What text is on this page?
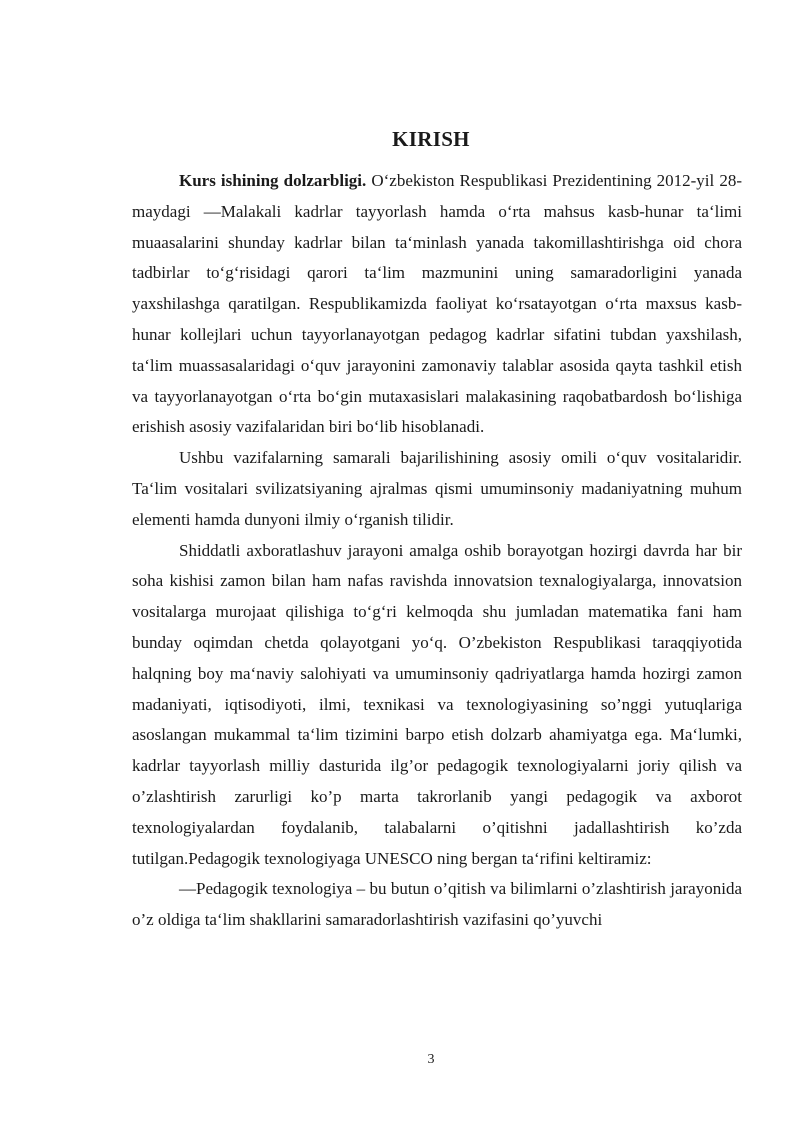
KIRISH

Kurs ishining dolzarbligi. O‘zbekiston Respublikasi Prezidentining 2012-yil 28-maydagi ―Malakali kadrlar tayyorlash hamda o‘rta mahsus kasb-hunar ta‘limi muaasalarini shunday kadrlar bilan ta‘minlash yanada takomillashtirishga oid chora tadbirlar to‘g‘risidagi qarori ta‘lim mazmunini uning samaradorligini yanada yaxshilashga qaratilgan. Respublikamizda faoliyat ko‘rsatayotgan o‘rta maxsus kasb-hunar kollejlari uchun tayyorlanayotgan pedagog kadrlar sifatini tubdan yaxshilash, ta‘lim muassasalaridagi o‘quv jarayonini zamonaviy talablar asosida qayta tashkil etish va tayyorlanayotgan o‘rta bo‘gin mutaxasislari malakasining raqobatbardosh bo‘lishiga erishish asosiy vazifalaridan biri bo‘lib hisoblanadi.

Ushbu vazifalarning samarali bajarilishining asosiy omili o‘quv vositalaridir. Ta‘lim vositalari svilizatsiyaning ajralmas qismi umuminsoniy madaniyatning muhum elementi hamda dunyoni ilmiy o‘rganish tilidir.

Shiddatli axboratlashuv jarayoni amalga oshib borayotgan hozirgi davrda har bir soha kishisi zamon bilan ham nafas ravishda innovatsion texnalogiyalarga, innovatsion vositalarga murojaat qilishiga to‘g‘ri kelmoqda shu jumladan matematika fani ham bunday oqimdan chetda qolayotgani yo‘q. O’zbekiston Respublikasi taraqqiyotida halqning boy ma‘naviy salohiyati va umuminsoniy qadriyatlarga hamda hozirgi zamon madaniyati, iqtisodiyoti, ilmi, texnikasi va texnologiyasining so’nggi yutuqlariga asoslangan mukammal ta‘lim tizimini barpo etish dolzarb ahamiyatga ega. Ma‘lumki, kadrlar tayyorlash milliy dasturida ilg’or pedagogik texnologiyalarni joriy qilish va o’zlashtirish zarurligi ko’p marta takrorlanib yangi pedagogik va axborot texnologiyalardan foydalanib, talabalarni o’qitishni jadallashtirish ko’zda tutilgan.Pedagogik texnologiyaga UNESCO ning bergan ta‘rifini keltiramiz:

―Pedagogik texnologiya – bu butun o’qitish va bilimlarni o’zlashtirish jarayonida o’z oldiga ta‘lim shakllarini samaradorlashtirish vazifasini qo’yuvchi

3
